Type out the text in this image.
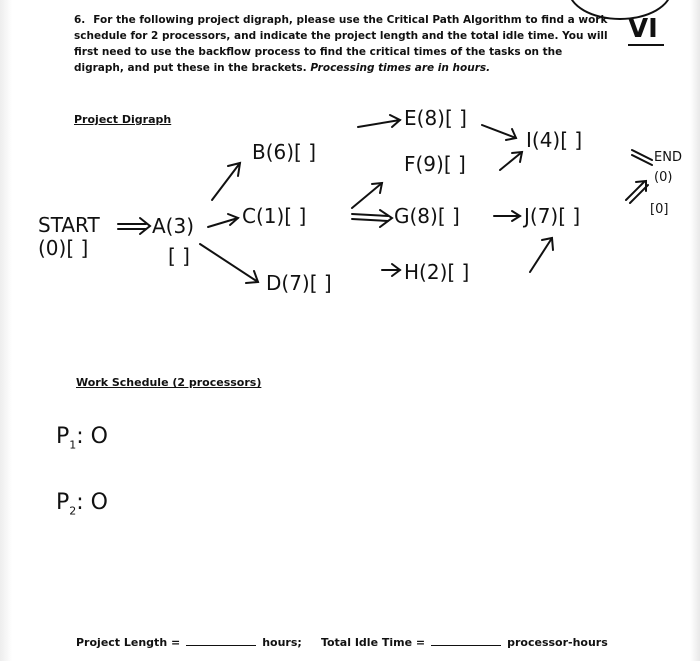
VI
6. For the following project digraph, please use the Critical Path Algorithm to find a work schedule for 2 processors, and indicate the project length and the total idle time. You will first need to use the backflow process to find the critical times of the tasks on the digraph, and put these in the brackets. Processing times are in hours.
Project Digraph
START
(0)[ ]
A(3)
[ ]
B(6)[ ]
C(1)[ ]
D(7)[ ]
E(8)[ ]
F(9)[ ]
G(8)[ ]
H(2)[ ]
I(4)[ ]
J(7)[ ]
END
(0)
[0]
Work Schedule (2 processors)
$P_1$: O
$P_2$: O
Project Length =	hours; Total Idle Time =	processor-hours
